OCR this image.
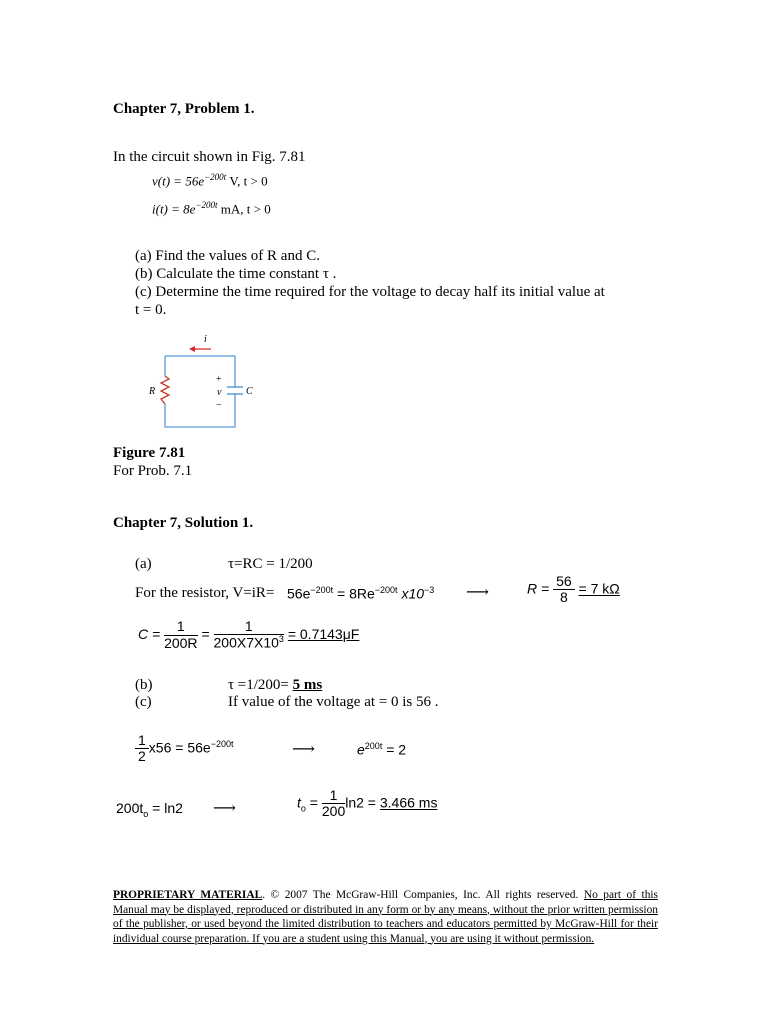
Chapter 7, Problem 1.
In the circuit shown in Fig. 7.81
$v(t) = 56e^{-200t}$ V, t > 0
$i(t) = 8e^{-200t}$ mA, t > 0
(a) Find the values of R and C.
(b) Calculate the time constant τ .
(c) Determine the time required for the voltage to decay half its initial value at
t = 0.
i
R	C
+
v
−
Figure 7.81
For Prob. 7.1
Chapter 7, Solution 1.
(a)	τ=RC = 1/200
For the resistor, $V=iR= 56e^{-200t} = 8Re^{-200t}$ $x10^{-3}$ ⟶	$R = \frac{56}{8} = 7$ kΩ
$C = \frac{1}{200R} = \frac{1}{200X7X10^3} = 0.7143\mu F$
(b)	τ =1/200= 5 ms
(c)	If value of the voltage at = 0 is 56 .
$\frac{1}{2} x56 = 56e^{-200t}$	⟶	$e^{200t} = 2$
$200t_o = \ln 2$ ⟶	$t_o = \frac{1}{200} \ln 2 = 3.466$ ms
PROPRIETARY MATERIAL. © 2007 The McGraw-Hill Companies, Inc. All rights reserved. No part of this Manual may be displayed, reproduced or distributed in any form or by any means, without the prior written permission of the publisher, or used beyond the limited distribution to teachers and educators permitted by McGraw-Hill for their individual course preparation. If you are a student using this Manual, you are using it without permission.
